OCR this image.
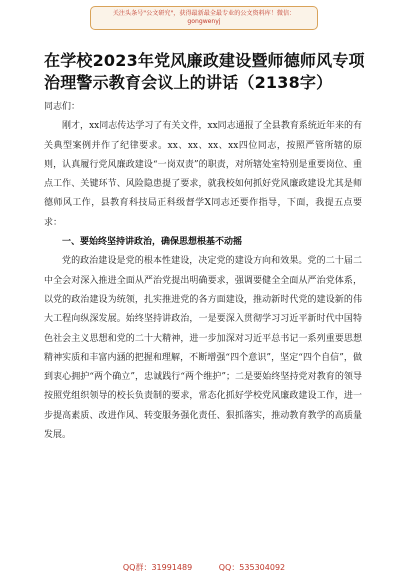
关注头条号"公文研究"，获得最新最全最专业的公文资料库！微信：gongwenyj
在学校2023年党风廉政建设暨师德师风专项治理警示教育会议上的讲话（2138字）

同志们：

刚才，xx同志传达学习了有关文件，xx同志通报了全县教育系统近年来的有关典型案例并作了纪律要求。xx、xx、xx、xx四位同志，按照严管所辖的原则，认真履行党风廉政建设“一岗双责”的职责，对所辖处室特别是重要岗位、重点工作、关键环节、风险隐患提了要求，就我校如何抓好党风廉政建设尤其是师德师风工作，县教育科技局正科级督学X同志还要作指导，下面，我提五点要求：

一、要始终坚持讲政治，确保思想根基不动摇

党的政治建设是党的根本性建设，决定党的建设方向和效果。党的二十届二中全会对深入推进全面从严治党提出明确要求，强调要健全全面从严治党体系，以党的政治建设为统领，扎实推进党的各方面建设，推动新时代党的建设新的伟大工程向纵深发展。始终坚持讲政治，一是要深入贯彻学习习近平新时代中国特色社会主义思想和党的二十大精神，进一步加深对习近平总书记一系列重要思想精神实质和丰富内涵的把握和理解，不断增强“四个意识”，坚定“四个自信”，做到衷心拥护“两个确立”，忠诚践行“两个维护”；二是要始终坚持党对教育的领导按照党组织领导的校长负责制的要求，常态化抓好学校党风廉政建设工作，进一步提高素质、改进作风、转变服务强化责任、狠抓落实，推动教育教学的高质量发展。

QQ群：31991489	QQ：535304092
